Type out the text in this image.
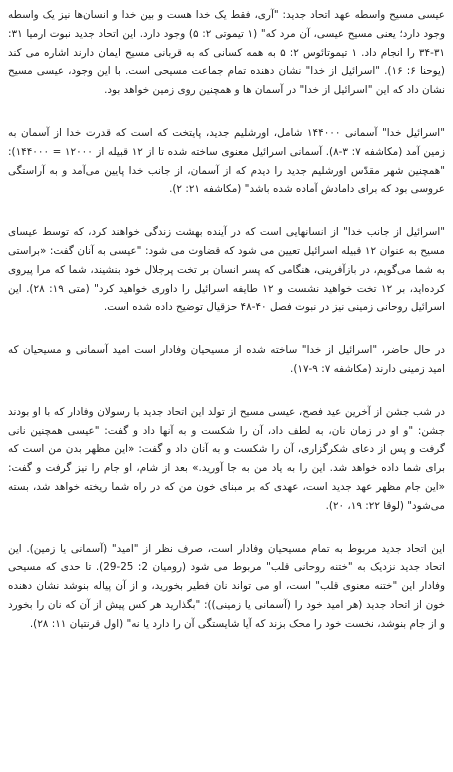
عیسی مسیح واسطه عهد اتحاد جدید: "آری، فقط یک خدا هست و بین خدا و انسان‌ها نیز یک واسطه وجود دارد؛ یعنی مسیح عیسی، آن مرد که" (۱ تیموتی ۲: ۵) وجود دارد. این اتحاد جدید نبوت ارمیا ۳۱: ۳۱-۳۴ را انجام داد. ۱ تیموتائوس ۲: ۵ به همه کسانی که به قربانی مسیح ایمان دارند اشاره می کند (یوحنا ۶: ۱۶). "اسرائیل از خدا" نشان دهنده تمام جماعت مسیحی است. با این وجود، عیسی مسیح نشان داد که این "اسرائیل از خدا" در آسمان ها و همچنین روی زمین خواهد بود.

"اسرائیل خدا" آسمانی ۱۴۴۰۰۰ شامل، اورشلیم جدید، پایتخت که است که قدرت خدا از آسمان به زمین آمد (مکاشفه ۷: ۳-۸). آسمانی اسرائیل معنوی ساخته شده تا از ۱۲ قبیله از ۱۲۰۰۰ = ۱۴۴۰۰۰): "همچنین شهر مقدّس اورشلیم جدید را دیدم که از آسمان، از جانب خدا پایین می‌آمد و به آراستگی عروسی بود که برای دامادش آماده شده باشد" (مکاشفه ۲۱: ۲).

"اسرائیل از جانب خدا" از انسانهایی است که در آینده بهشت زندگی خواهند کرد، که توسط عیسای مسیح به عنوان ۱۲ قبیله اسرائیل تعیین می شود که قضاوت می شود: "عیسی به آنان گفت: «براستی به شما می‌گویم، در بازآفرینی، هنگامی که پسر انسان بر تخت پرجلال خود بنشیند، شما که مرا پیروی کرده‌اید، بر ۱۲ تخت خواهید نشست و ۱۲ طایفه اسرائیل را داوری خواهید کرد" (متی ۱۹: ۲۸). این اسرائیل روحانی زمینی نیز در نبوت فصل ۴۰-۴۸ حزقیال توضیح داده شده است.

در حال حاضر، "اسرائیل از خدا" ساخته شده از مسیحیان وفادار است امید آسمانی و مسیحیان که امید زمینی دارند (مکاشفه ۷: ۹-۱۷).

در شب جشن از آخرین عید فصح، عیسی مسیح از تولد این اتحاد جدید با رسولان وفادار که با او بودند جشن: "و او در زمان نان، به لطف داد، آن را شکست و به آنها داد و گفت: "عیسی همچنین نانی گرفت و پس از دعای شکرگزاری، آن را شکست و به آنان داد و گفت: «این مظهر بدن من است که برای شما داده خواهد شد. این را به یاد من به جا آورید.» بعد از شام، او جام را نیز گرفت و گفت: «این جام مظهر عهد جدید است، عهدی که بر مبنای خون من که در راه شما ریخته خواهد شد، بسته می‌شود" (لوقا ۲۲: ۱۹، ۲۰).

این اتحاد جدید مربوط به تمام مسیحیان وفادار است، صرف نظر از "امید" (آسمانی یا زمین). این اتحاد جدید نزدیک به "ختنه روحانی قلب" مربوط می شود (رومیان 2: 25-29). تا حدی که مسیحی وفادار این "ختنه معنوی قلب" است، او می تواند نان فطیر بخورید، و از آن پیاله بنوشد نشان دهنده خون از اتحاد جدید (هر امید خود را (آسمانی یا زمینی)): "بگذارید هر کس پیش از آن که نان را بخورد و از جام بنوشد، نخست خود را محک بزند که آیا شایستگی آن را دارد یا نه" (اول قرنتیان ۱۱: ۲۸).
